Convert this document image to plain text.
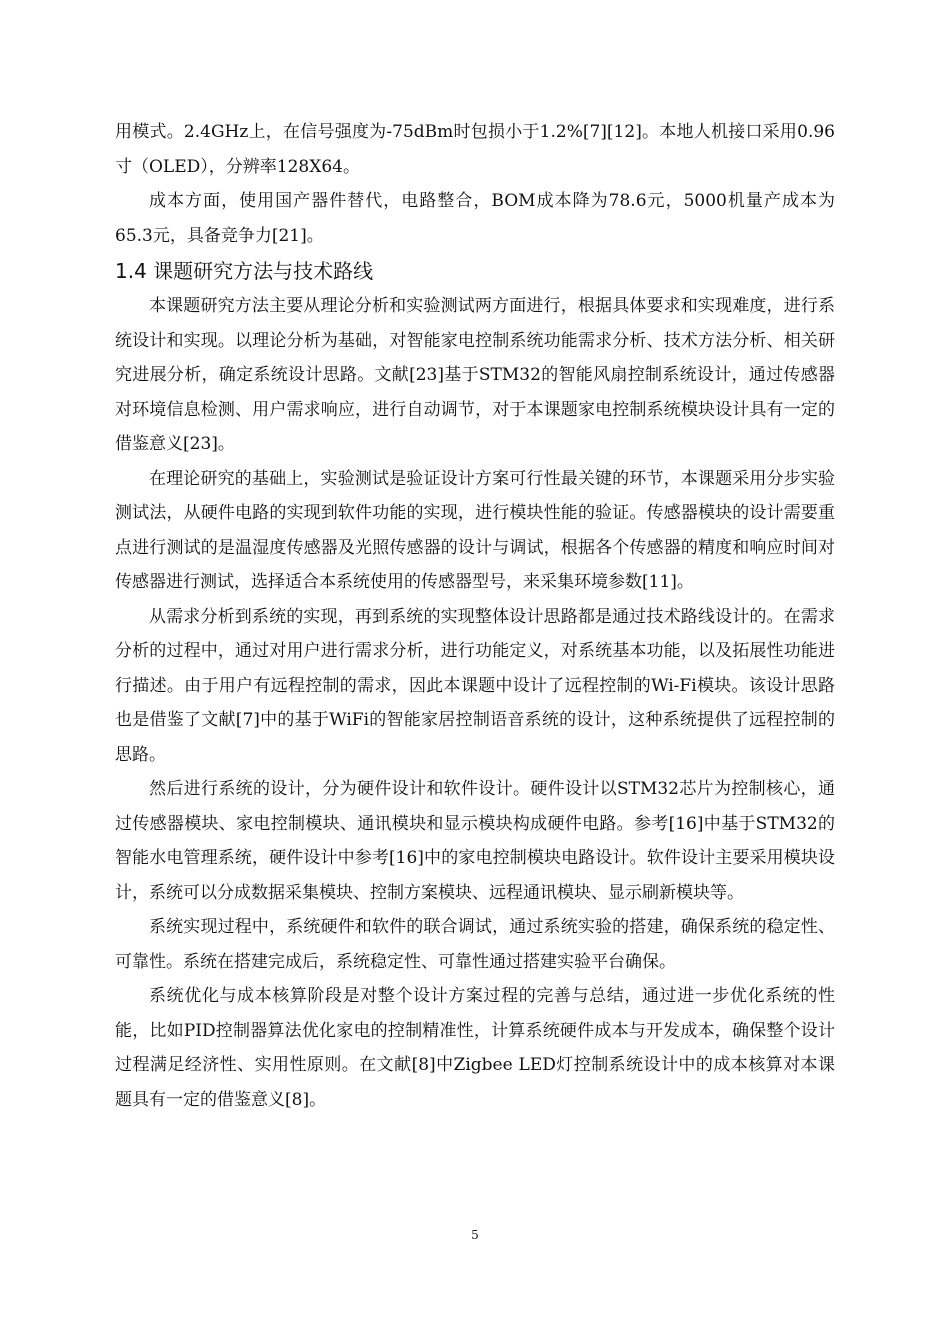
用模式。2.4GHz上，在信号强度为-75dBm时包损小于1.2%[7][12]。本地人机接口采用0.96寸（OLED），分辨率128X64。

成本方面，使用国产器件替代，电路整合，BOM成本降为78.6元，5000机量产成本为65.3元，具备竞争力[21]。

1.4 课题研究方法与技术路线

本课题研究方法主要从理论分析和实验测试两方面进行，根据具体要求和实现难度，进行系统设计和实现。以理论分析为基础，对智能家电控制系统功能需求分析、技术方法分析、相关研究进展分析，确定系统设计思路。文献[23]基于STM32的智能风扇控制系统设计，通过传感器对环境信息检测、用户需求响应，进行自动调节，对于本课题家电控制系统模块设计具有一定的借鉴意义[23]。

在理论研究的基础上，实验测试是验证设计方案可行性最关键的环节，本课题采用分步实验测试法，从硬件电路的实现到软件功能的实现，进行模块性能的验证。传感器模块的设计需要重点进行测试的是温湿度传感器及光照传感器的设计与调试，根据各个传感器的精度和响应时间对传感器进行测试，选择适合本系统使用的传感器型号，来采集环境参数[11]。

从需求分析到系统的实现，再到系统的实现整体设计思路都是通过技术路线设计的。在需求分析的过程中，通过对用户进行需求分析，进行功能定义，对系统基本功能，以及拓展性功能进行描述。由于用户有远程控制的需求，因此本课题中设计了远程控制的Wi-Fi模块。该设计思路也是借鉴了文献[7]中的基于WiFi的智能家居控制语音系统的设计，这种系统提供了远程控制的思路。

然后进行系统的设计，分为硬件设计和软件设计。硬件设计以STM32芯片为控制核心，通过传感器模块、家电控制模块、通讯模块和显示模块构成硬件电路。参考[16]中基于STM32的智能水电管理系统，硬件设计中参考[16]中的家电控制模块电路设计。软件设计主要采用模块设计，系统可以分成数据采集模块、控制方案模块、远程通讯模块、显示刷新模块等。

系统实现过程中，系统硬件和软件的联合调试，通过系统实验的搭建，确保系统的稳定性、可靠性。系统在搭建完成后，系统稳定性、可靠性通过搭建实验平台确保。

系统优化与成本核算阶段是对整个设计方案过程的完善与总结，通过进一步优化系统的性能，比如PID控制器算法优化家电的控制精准性，计算系统硬件成本与开发成本，确保整个设计过程满足经济性、实用性原则。在文献[8]中Zigbee LED灯控制系统设计中的成本核算对本课题具有一定的借鉴意义[8]。

5
